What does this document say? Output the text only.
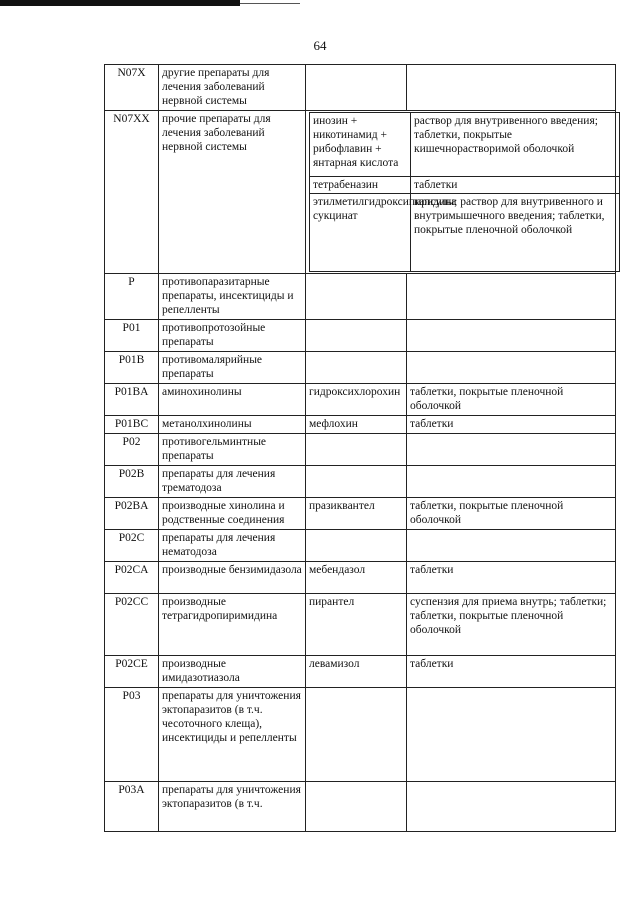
64
N07X	другие препараты для лечения заболеваний нервной системы		
N07XX	прочие препараты для лечения заболеваний нервной системы	
инозин + никотинамид + рибофлавин + янтарная кислота	раствор для внутривенного введения; таблетки, покрытые кишечнорастворимой оболочкой
тетрабеназин	таблетки
этилметилгидроксипиридина сукцинат	капсулы; раствор для внутривенного и внутримышечного введения; таблетки, покрытые пленочной оболочкой

P	противопаразитарные препараты, инсектициды и репелленты		
P01	противопротозойные препараты		
P01B	противомалярийные препараты		
P01BA	аминохинолины	гидроксихлорохин	таблетки, покрытые пленочной оболочкой
P01BC	метанолхинолины	мефлохин	таблетки
P02	противогельминтные препараты		
P02B	препараты для лечения трематодоза		
P02BA	производные хинолина и родственные соединения	празиквантел	таблетки, покрытые пленочной оболочкой
P02C	препараты для лечения нематодоза		
P02CA	производные бензимидазола	мебендазол	таблетки
P02CC	производные тетрагидропиримидина	пирантел	суспензия для приема внутрь; таблетки; таблетки, покрытые пленочной оболочкой
P02CE	производные имидазотиазола	левамизол	таблетки
P03	препараты для уничтожения эктопаразитов (в т.ч. чесоточного клеща), инсектициды и репелленты		
P03A	препараты для уничтожения эктопаразитов (в т.ч.		
